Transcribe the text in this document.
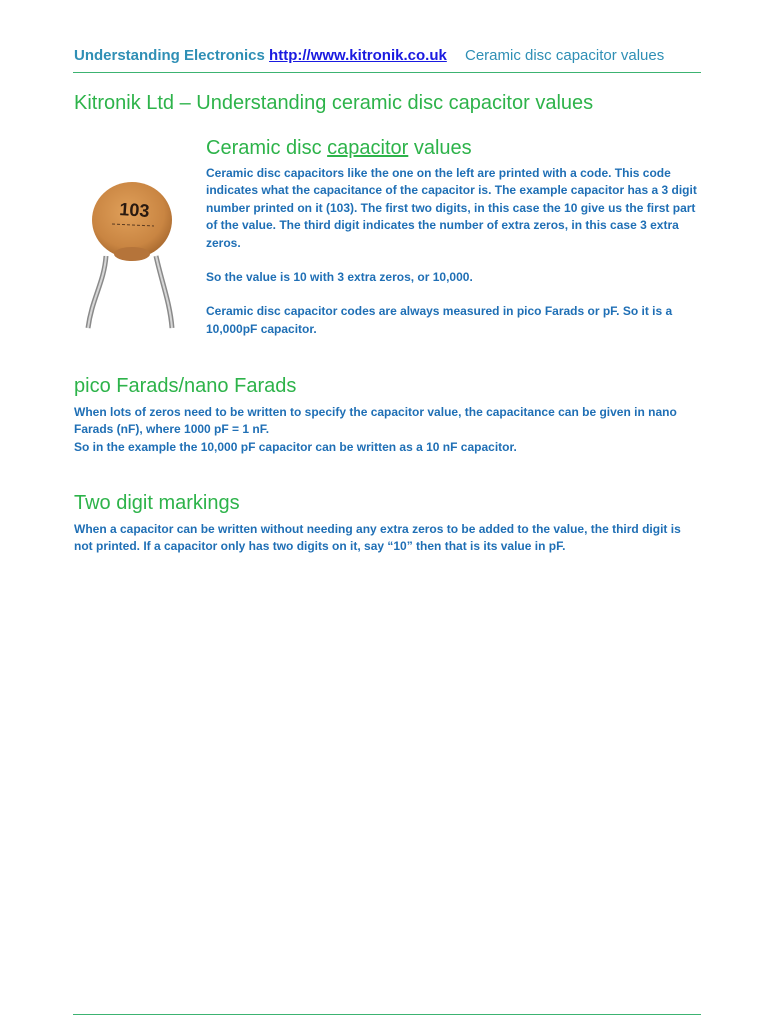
Understanding Electronics http://www.kitronik.co.uk Ceramic disc capacitor values
Kitronik Ltd – Understanding ceramic disc capacitor values
103
Ceramic disc capacitor values

Ceramic disc capacitors like the one on the left are printed with a code. This code indicates what the capacitance of the capacitor is. The example capacitor has a 3 digit number printed on it (103). The first two digits, in this case the 10 give us the first part of the value. The third digit indicates the number of extra zeros, in this case 3 extra zeros.

So the value is 10 with 3 extra zeros, or 10,000.

Ceramic disc capacitor codes are always measured in pico Farads or pF. So it is a 10,000pF capacitor.

pico Farads/nano Farads

When lots of zeros need to be written to specify the capacitor value, the capacitance can be given in nano Farads (nF), where 1000 pF = 1 nF.

So in the example the 10,000 pF capacitor can be written as a 10 nF capacitor.

Two digit markings

When a capacitor can be written without needing any extra zeros to be added to the value, the third digit is not printed. If a capacitor only has two digits on it, say “10” then that is its value in pF.
